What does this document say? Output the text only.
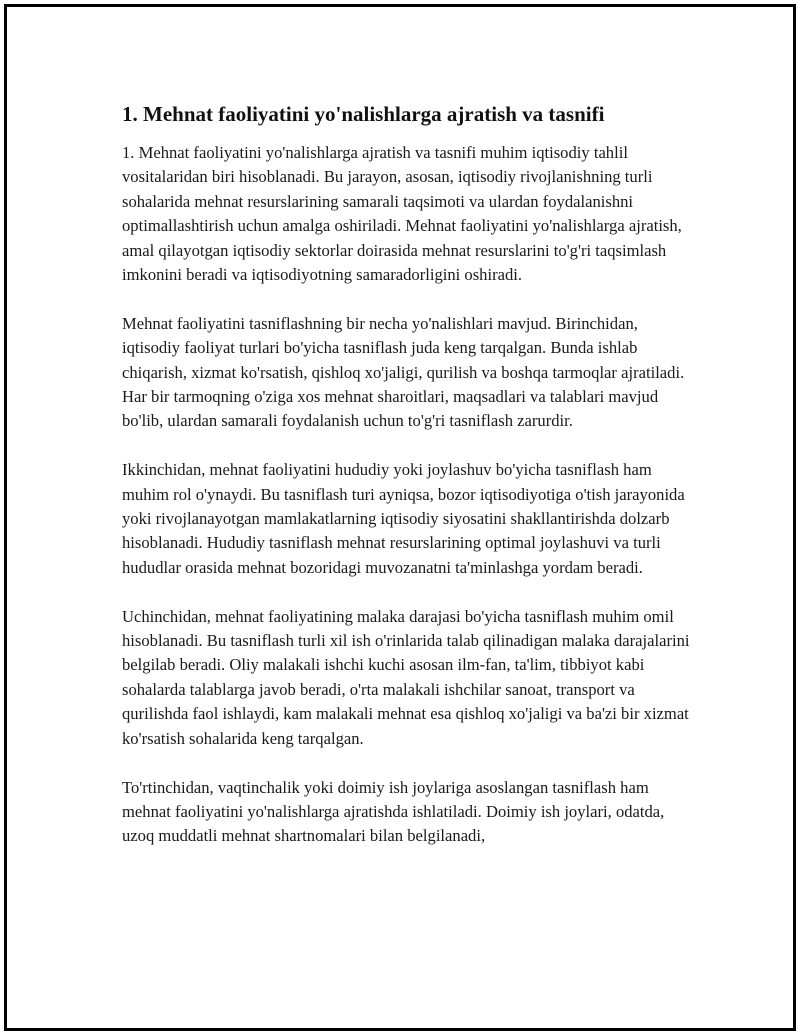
1. Mehnat faoliyatini yo'nalishlarga ajratish va tasnifi

1. Mehnat faoliyatini yo'nalishlarga ajratish va tasnifi muhim iqtisodiy tahlil vositalaridan biri hisoblanadi. Bu jarayon, asosan, iqtisodiy rivojlanishning turli sohalarida mehnat resurslarining samarali taqsimoti va ulardan foydalanishni optimallashtirish uchun amalga oshiriladi. Mehnat faoliyatini yo'nalishlarga ajratish, amal qilayotgan iqtisodiy sektorlar doirasida mehnat resurslarini to'g'ri taqsimlash imkonini beradi va iqtisodiyotning samaradorligini oshiradi.

Mehnat faoliyatini tasniflashning bir necha yo'nalishlari mavjud. Birinchidan, iqtisodiy faoliyat turlari bo'yicha tasniflash juda keng tarqalgan. Bunda ishlab chiqarish, xizmat ko'rsatish, qishloq xo'jaligi, qurilish va boshqa tarmoqlar ajratiladi. Har bir tarmoqning o'ziga xos mehnat sharoitlari, maqsadlari va talablari mavjud bo'lib, ulardan samarali foydalanish uchun to'g'ri tasniflash zarurdir.

Ikkinchidan, mehnat faoliyatini hududiy yoki joylashuv bo'yicha tasniflash ham muhim rol o'ynaydi. Bu tasniflash turi ayniqsa, bozor iqtisodiyotiga o'tish jarayonida yoki rivojlanayotgan mamlakatlarning iqtisodiy siyosatini shakllantirishda dolzarb hisoblanadi. Hududiy tasniflash mehnat resurslarining optimal joylashuvi va turli hududlar orasida mehnat bozoridagi muvozanatni ta'minlashga yordam beradi.

Uchinchidan, mehnat faoliyatining malaka darajasi bo'yicha tasniflash muhim omil hisoblanadi. Bu tasniflash turli xil ish o'rinlarida talab qilinadigan malaka darajalarini belgilab beradi. Oliy malakali ishchi kuchi asosan ilm-fan, ta'lim, tibbiyot kabi sohalarda talablarga javob beradi, o'rta malakali ishchilar sanoat, transport va qurilishda faol ishlaydi, kam malakali mehnat esa qishloq xo'jaligi va ba'zi bir xizmat ko'rsatish sohalarida keng tarqalgan.

To'rtinchidan, vaqtinchalik yoki doimiy ish joylariga asoslangan tasniflash ham mehnat faoliyatini yo'nalishlarga ajratishda ishlatiladi. Doimiy ish joylari, odatda, uzoq muddatli mehnat shartnomalari bilan belgilanadi,
